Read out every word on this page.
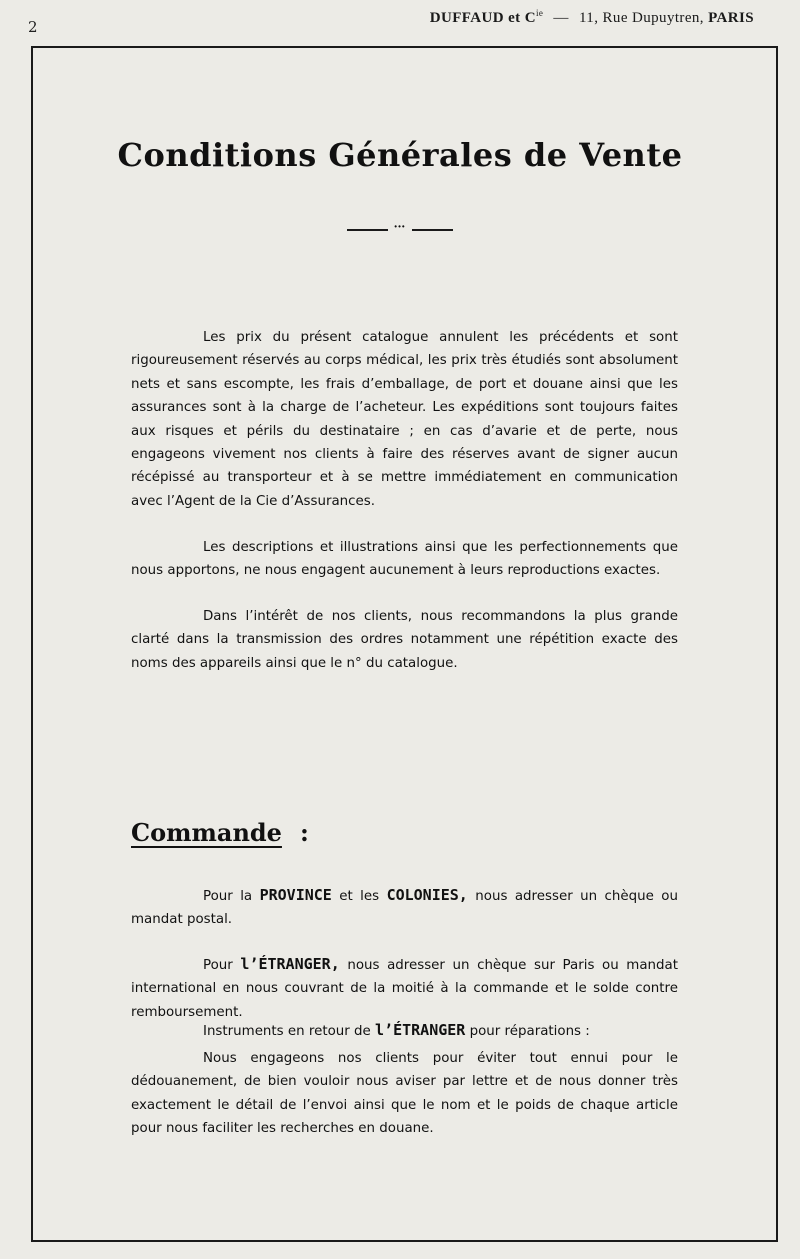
2	DUFFAUD et $C^{ie}$ — 11, Rue Dupuytren, PARIS
Conditions Générales de Vente
•••

Les prix du présent catalogue annulent les précédents et sont rigoureusement réservés au corps médical, les prix très étudiés sont absolument nets et sans escompte, les frais d’emballage, de port et douane ainsi que les assurances sont à la charge de l’acheteur. Les expéditions sont toujours faites aux risques et périls du destinataire ; en cas d’avarie et de perte, nous engageons vivement nos clients à faire des réserves avant de signer aucun récépissé au transporteur et à se mettre immédiatement en communication avec l’Agent de la Cie d’Assurances.

Les descriptions et illustrations ainsi que les perfectionnements que nous apportons, ne nous engagent aucunement à leurs reproductions exactes.

Dans l’intérêt de nos clients, nous recommandons la plus grande clarté dans la transmission des ordres notamment une répétition exacte des noms des appareils ainsi que le n° du catalogue.

Commande :

Pour la PROVINCE et les COLONIES, nous adresser un chèque ou mandat postal.

Pour l’ÉTRANGER, nous adresser un chèque sur Paris ou mandat international en nous couvrant de la moitié à la commande et le solde contre remboursement.

Instruments en retour de l’ÉTRANGER pour réparations :

Nous engageons nos clients pour éviter tout ennui pour le dédouanement, de bien vouloir nous aviser par lettre et de nous donner très exactement le détail de l’envoi ainsi que le nom et le poids de chaque article pour nous faciliter les recherches en douane.
